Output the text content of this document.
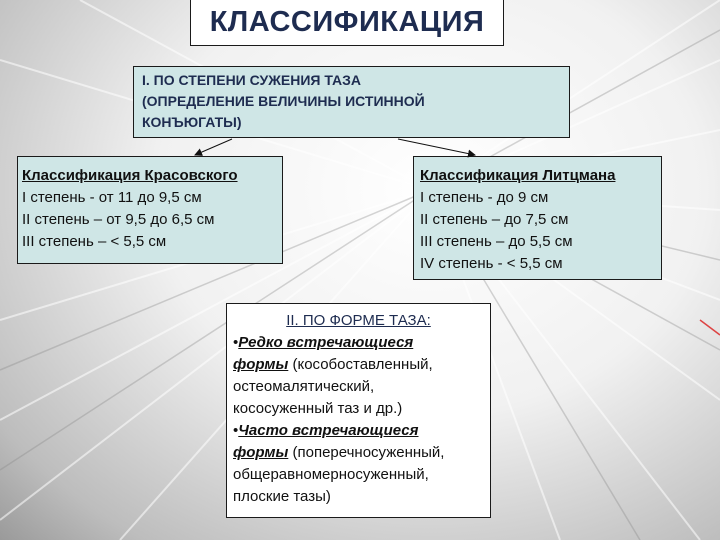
КЛАССИФИКАЦИЯ
I. ПО СТЕПЕНИ СУЖЕНИЯ ТАЗА
(ОПРЕДЕЛЕНИЕ ВЕЛИЧИНЫ ИСТИННОЙ
КОНЪЮГАТЫ)
Классификация Красовского
I степень - от 11 до 9,5 см
II степень – от 9,5 до 6,5 см
III степень – < 5,5 см
Классификация Литцмана
I степень - до 9 см
II степень – до 7,5 см
III степень – до 5,5 см
IV степень - < 5,5 см
II. ПО ФОРМЕ ТАЗА:
•Редко встречающиеся
формы (кособоставленный,
остеомалятический,
кососуженный таз и др.)
•Часто встречающиеся
формы (поперечносуженный,
общеравномерносуженный,
плоские тазы)
